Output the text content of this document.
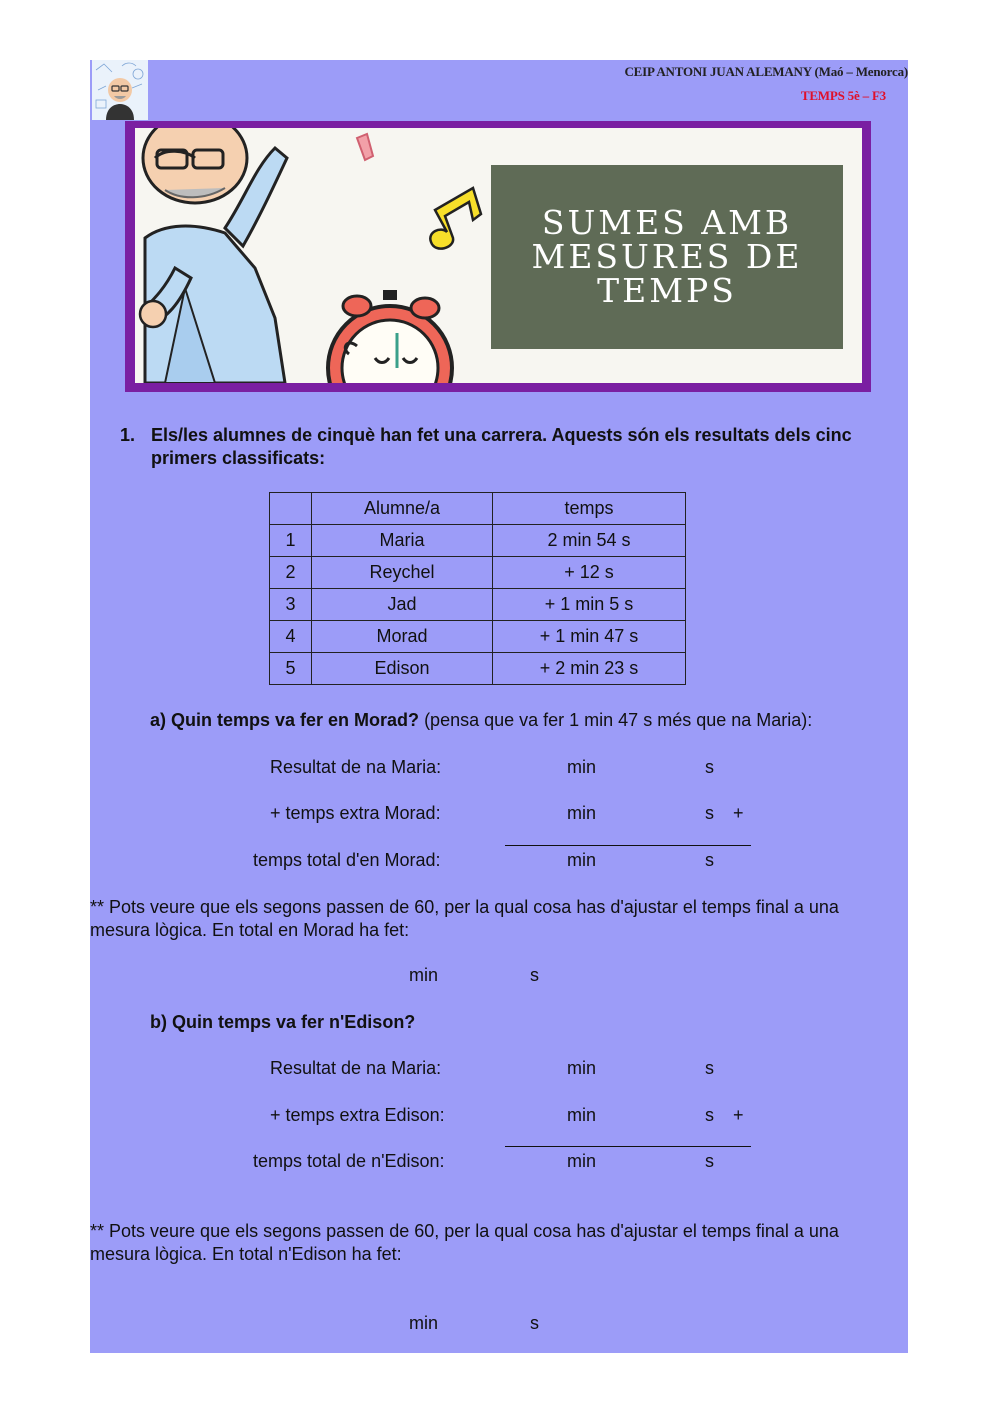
CEIP ANTONI JUAN ALEMANY (Maó – Menorca)
TEMPS 5è – F3
SUMES AMB
MESURES DE
TEMPS
1. Els/les alumnes de cinquè han fet una carrera. Aquests són els resultats dels cinc primers classificats:
	Alumne/a	temps
1	Maria	2 min 54 s
2	Reychel	+ 12 s
3	Jad	+ 1 min 5 s
4	Morad	+ 1 min 47 s
5	Edison	+ 2 min 23 s
a) Quin temps va fer en Morad? (pensa que va fer 1 min 47 s més que na Maria):
Resultat de na Maria:	min	s
+ temps extra Morad:	min	s +
temps total d'en Morad:	min	s
** Pots veure que els segons passen de 60, per la qual cosa has d'ajustar el temps final a una mesura lògica. En total en Morad ha fet:
min	s
b) Quin temps va fer n'Edison?
Resultat de na Maria:	min	s
+ temps extra Edison:	min	s +
temps total de n'Edison:	min	s
** Pots veure que els segons passen de 60, per la qual cosa has d'ajustar el temps final a una mesura lògica. En total n'Edison ha fet:
min	s
